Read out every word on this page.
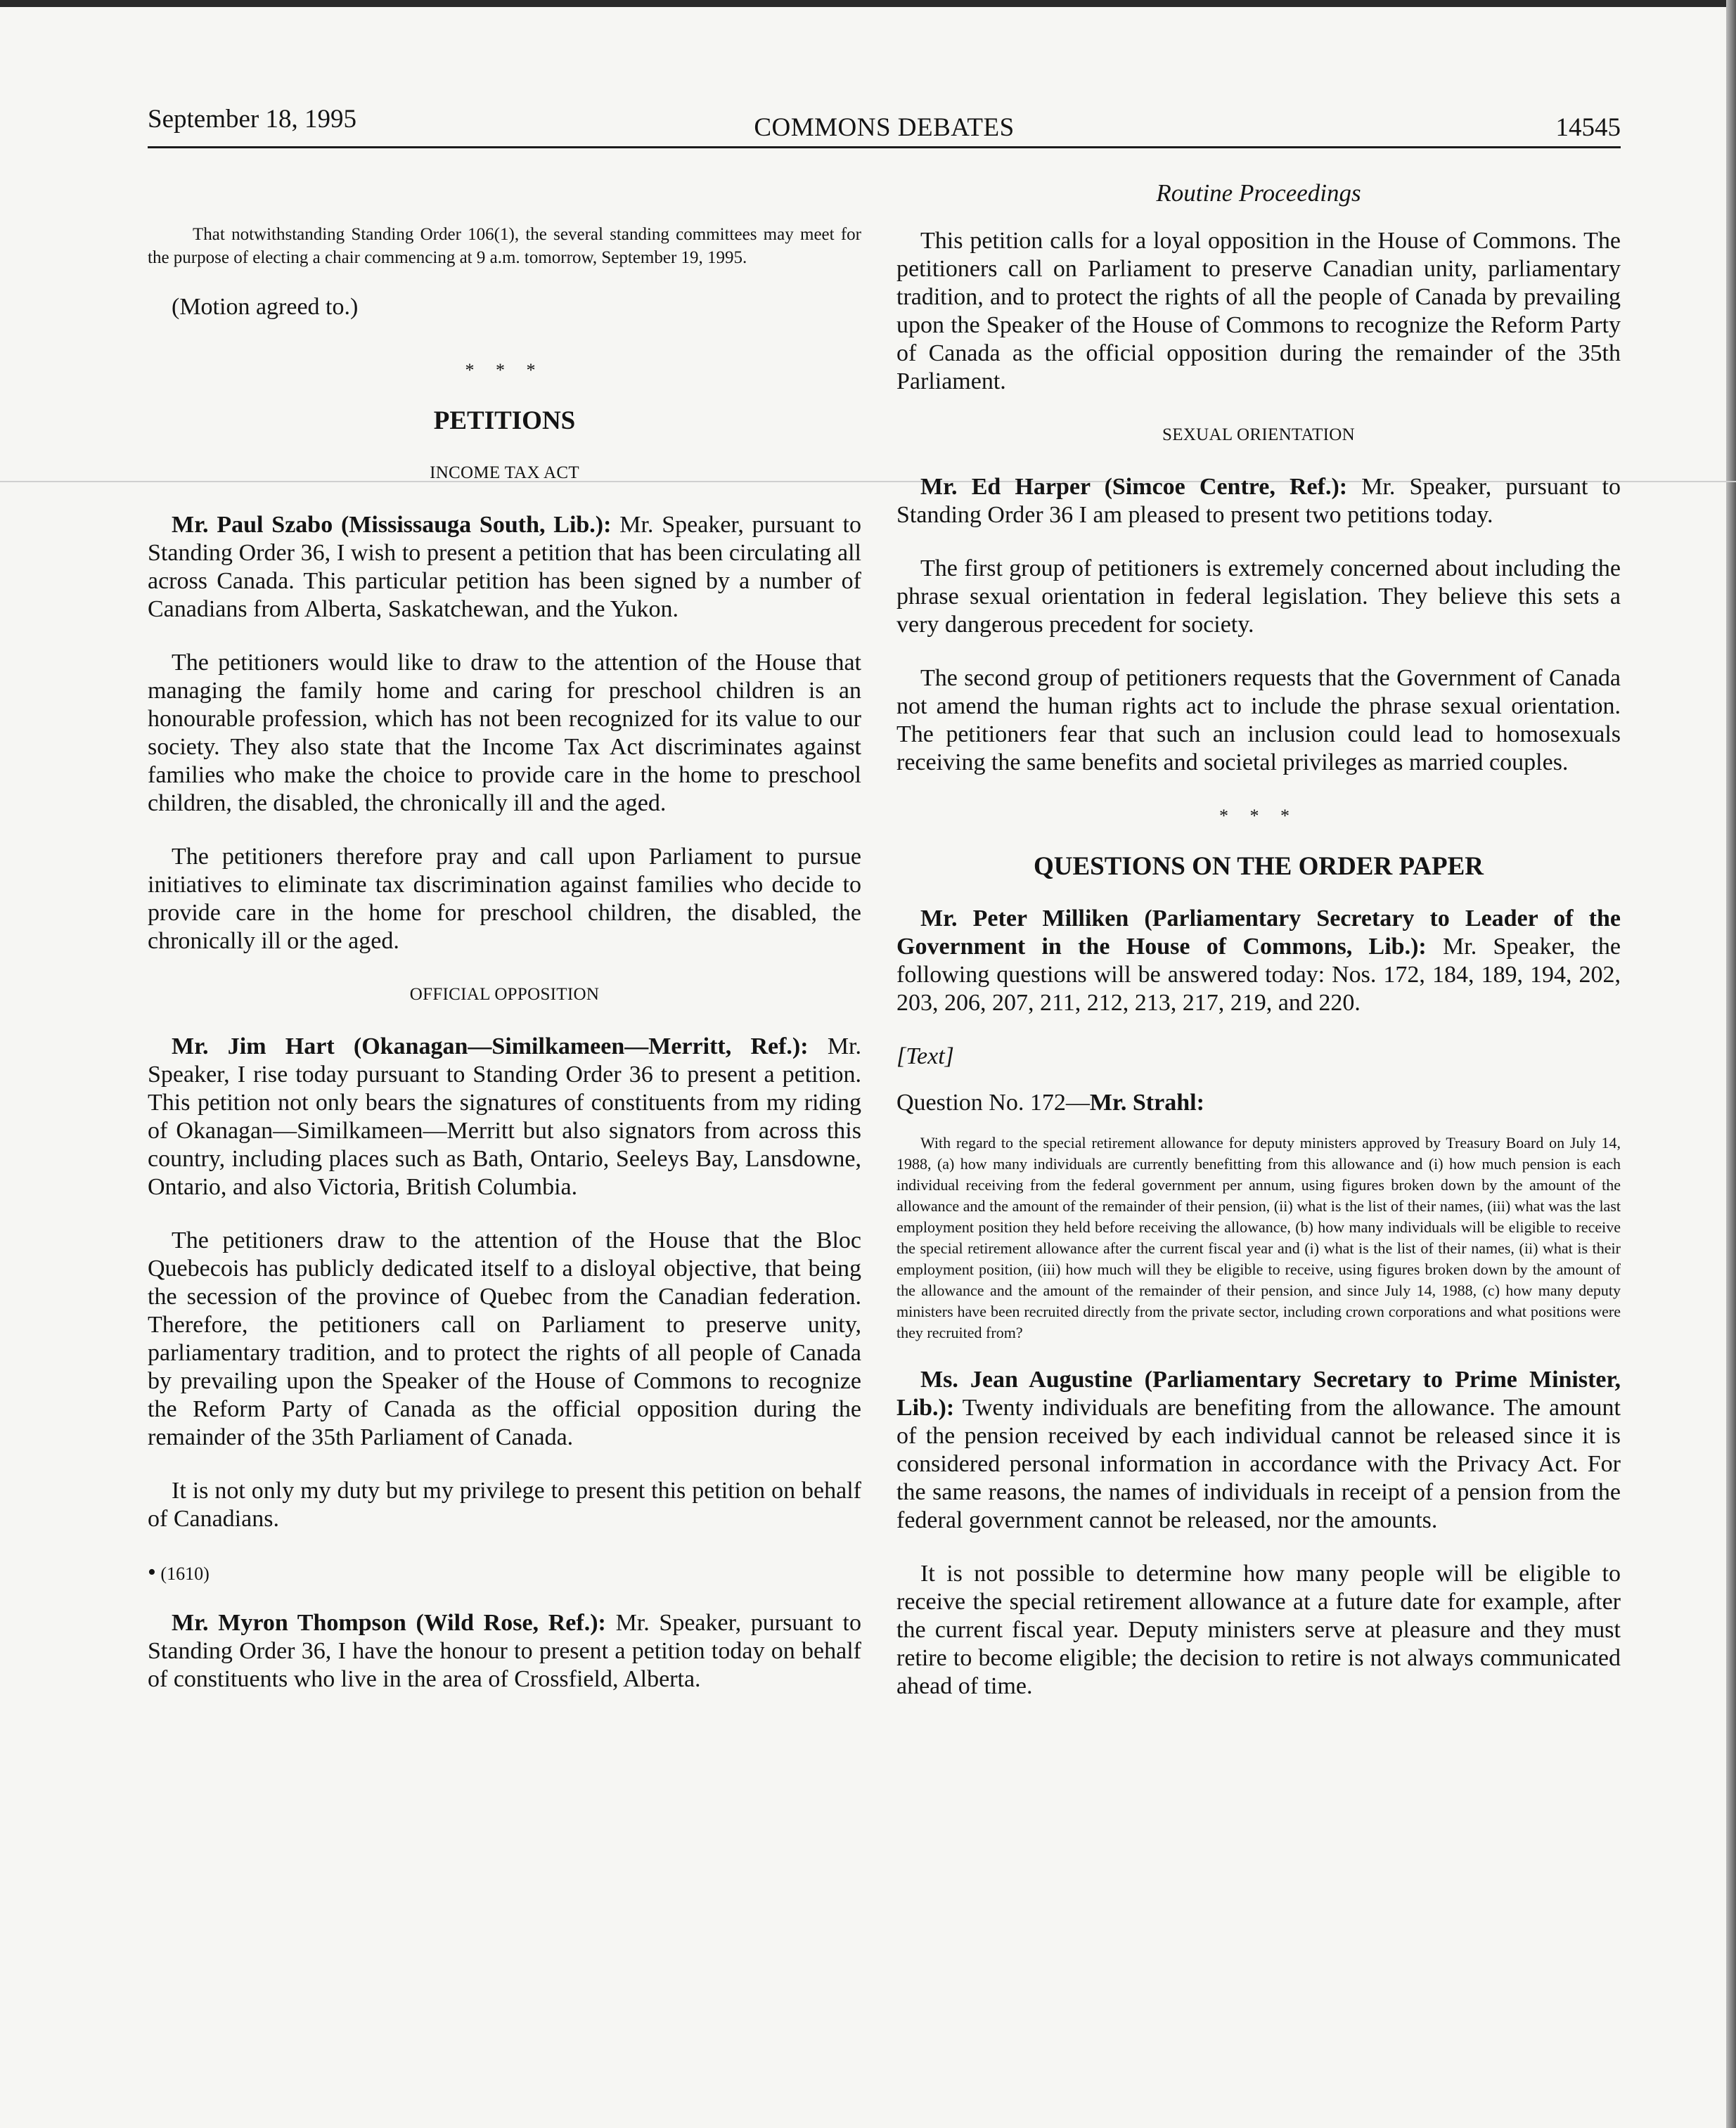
September 18, 1995	COMMONS DEBATES	14545

That notwithstanding Standing Order 106(1), the several standing committees may meet for the purpose of electing a chair commencing at 9 a.m. tomorrow, September 19, 1995.

(Motion agreed to.)

* * *
PETITIONS
INCOME TAX ACT

Mr. Paul Szabo (Mississauga South, Lib.): Mr. Speaker, pursuant to Standing Order 36, I wish to present a petition that has been circulating all across Canada. This particular petition has been signed by a number of Canadians from Alberta, Saskatchewan, and the Yukon.

The petitioners would like to draw to the attention of the House that managing the family home and caring for preschool children is an honourable profession, which has not been recognized for its value to our society. They also state that the Income Tax Act discriminates against families who make the choice to provide care in the home to preschool children, the disabled, the chronically ill and the aged.

The petitioners therefore pray and call upon Parliament to pursue initiatives to eliminate tax discrimination against families who decide to provide care in the home for preschool children, the disabled, the chronically ill or the aged.

OFFICIAL OPPOSITION

Mr. Jim Hart (Okanagan—Similkameen—Merritt, Ref.): Mr. Speaker, I rise today pursuant to Standing Order 36 to present a petition. This petition not only bears the signatures of constituents from my riding of Okanagan—Similkameen—Merritt but also signators from across this country, including places such as Bath, Ontario, Seeleys Bay, Lansdowne, Ontario, and also Victoria, British Columbia.

The petitioners draw to the attention of the House that the Bloc Quebecois has publicly dedicated itself to a disloyal objective, that being the secession of the province of Quebec from the Canadian federation. Therefore, the petitioners call on Parliament to preserve unity, parliamentary tradition, and to protect the rights of all people of Canada by prevailing upon the Speaker of the House of Commons to recognize the Reform Party of Canada as the official opposition during the remainder of the 35th Parliament of Canada.

It is not only my duty but my privilege to present this petition on behalf of Canadians.

• (1610)

Mr. Myron Thompson (Wild Rose, Ref.): Mr. Speaker, pursuant to Standing Order 36, I have the honour to present a petition today on behalf of constituents who live in the area of Crossfield, Alberta.

Routine Proceedings

This petition calls for a loyal opposition in the House of Commons. The petitioners call on Parliament to preserve Canadian unity, parliamentary tradition, and to protect the rights of all the people of Canada by prevailing upon the Speaker of the House of Commons to recognize the Reform Party of Canada as the official opposition during the remainder of the 35th Parliament.

SEXUAL ORIENTATION

Mr. Ed Harper (Simcoe Centre, Ref.): Mr. Speaker, pursuant to Standing Order 36 I am pleased to present two petitions today.

The first group of petitioners is extremely concerned about including the phrase sexual orientation in federal legislation. They believe this sets a very dangerous precedent for society.

The second group of petitioners requests that the Government of Canada not amend the human rights act to include the phrase sexual orientation. The petitioners fear that such an inclusion could lead to homosexuals receiving the same benefits and societal privileges as married couples.

* * *
QUESTIONS ON THE ORDER PAPER

Mr. Peter Milliken (Parliamentary Secretary to Leader of the Government in the House of Commons, Lib.): Mr. Speaker, the following questions will be answered today: Nos. 172, 184, 189, 194, 202, 203, 206, 207, 211, 212, 213, 217, 219, and 220.

[Text]
Question No. 172—Mr. Strahl:

With regard to the special retirement allowance for deputy ministers approved by Treasury Board on July 14, 1988, (a) how many individuals are currently benefitting from this allowance and (i) how much pension is each individual receiving from the federal government per annum, using figures broken down by the amount of the allowance and the amount of the remainder of their pension, (ii) what is the list of their names, (iii) what was the last employment position they held before receiving the allowance, (b) how many individuals will be eligible to receive the special retirement allowance after the current fiscal year and (i) what is the list of their names, (ii) what is their employment position, (iii) how much will they be eligible to receive, using figures broken down by the amount of the allowance and the amount of the remainder of their pension, and since July 14, 1988, (c) how many deputy ministers have been recruited directly from the private sector, including crown corporations and what positions were they recruited from?

Ms. Jean Augustine (Parliamentary Secretary to Prime Minister, Lib.): Twenty individuals are benefiting from the allowance. The amount of the pension received by each individual cannot be released since it is considered personal information in accordance with the Privacy Act. For the same reasons, the names of individuals in receipt of a pension from the federal government cannot be released, nor the amounts.

It is not possible to determine how many people will be eligible to receive the special retirement allowance at a future date for example, after the current fiscal year. Deputy ministers serve at pleasure and they must retire to become eligible; the decision to retire is not always communicated ahead of time.
